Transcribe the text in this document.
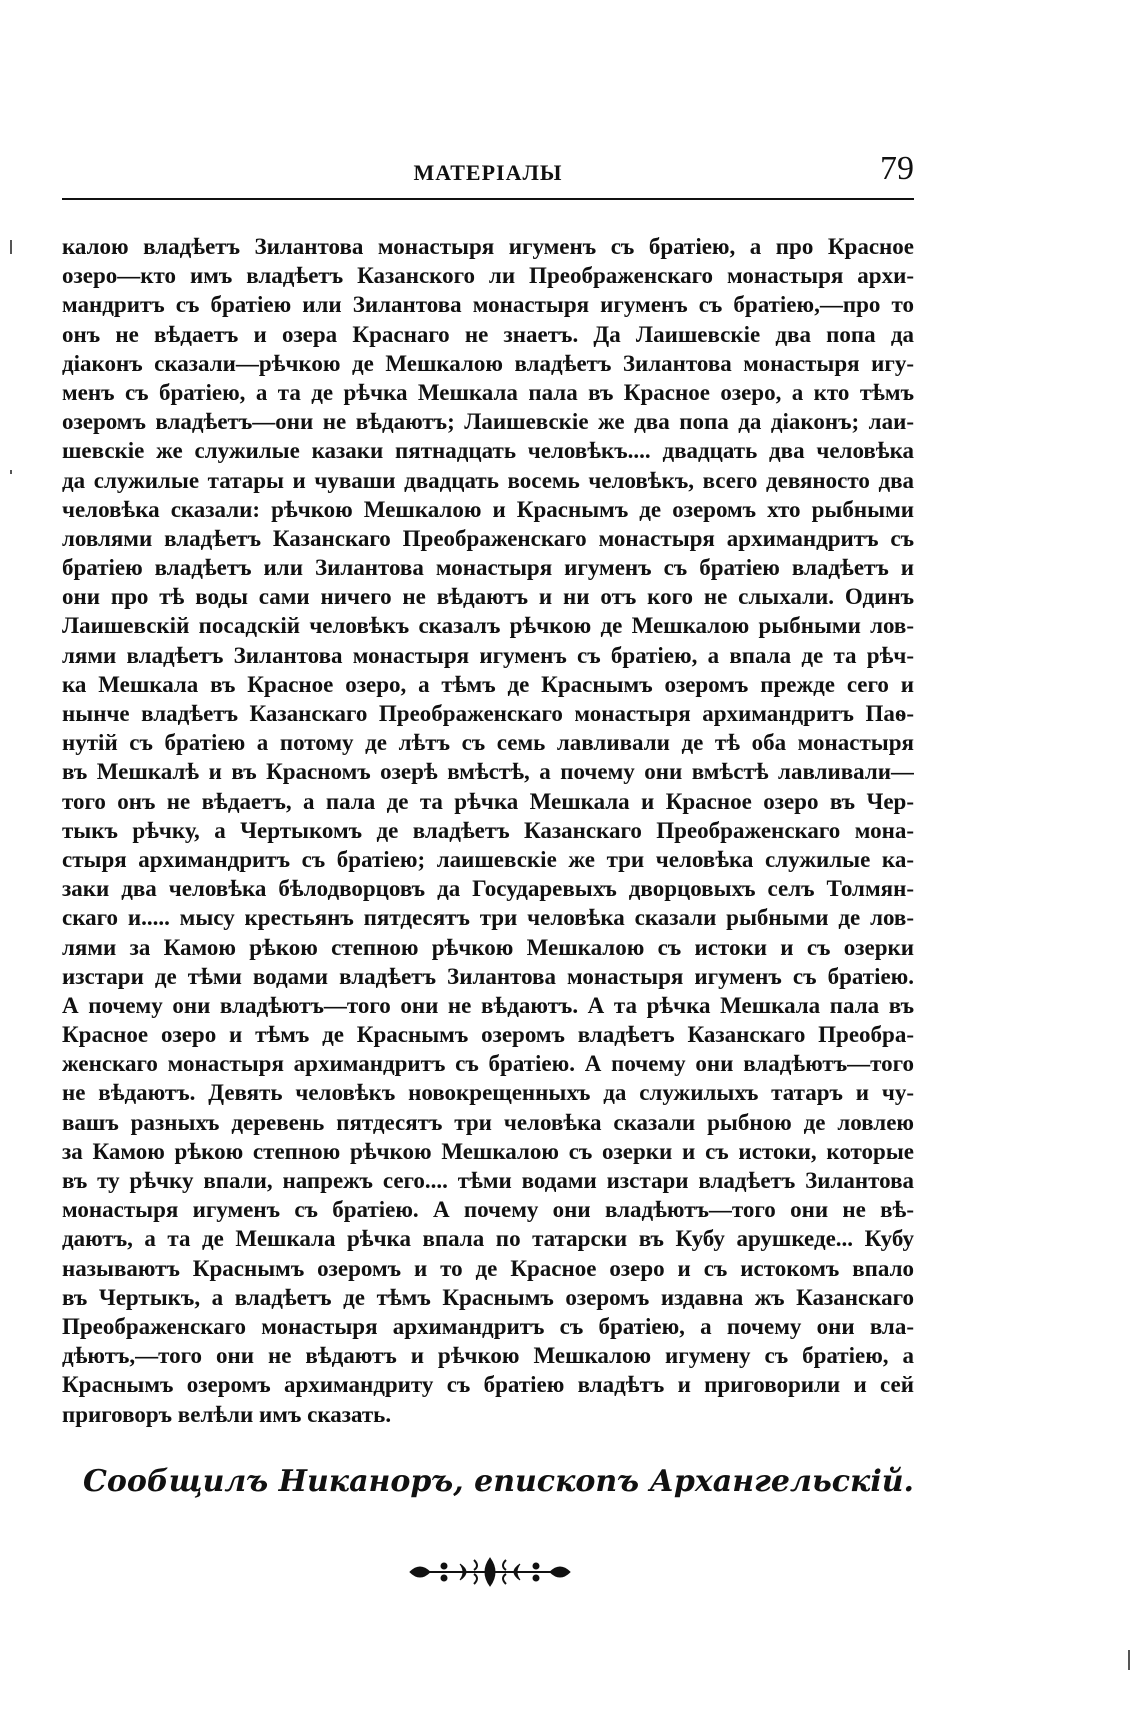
МАТЕРІАЛЫ	79
калою владѣетъ Зилантова монастыря игуменъ съ братіею, а про Красное
озеро—кто имъ владѣетъ Казанского ли Преображенскаго монастыря архи-
мандритъ съ братіею или Зилантова монастыря игуменъ съ братіею,—про то
онъ не вѣдаетъ и озера Краснаго не знаетъ. Да Лаишевскіе два попа да
діаконъ сказали—рѣчкою де Мешкалою владѣетъ Зилантова монастыря игу-
менъ съ братіею, а та де рѣчка Мешкала пала въ Красное озеро, а кто тѣмъ
озеромъ владѣетъ—они не вѣдаютъ; Лаишевскіе же два попа да діаконъ; лаи-
шевскіе же служилые казаки пятнадцать человѣкъ.... двадцать два человѣка
да служилые татары и чуваши двадцать восемь человѣкъ, всего девяносто два
человѣка сказали: рѣчкою Мешкалою и Краснымъ де озеромъ хто рыбными
ловлями владѣетъ Казанскаго Преображенскаго монастыря архимандритъ съ
братіею владѣетъ или Зилантова монастыря игуменъ съ братіею владѣетъ и
они про тѣ воды сами ничего не вѣдаютъ и ни отъ кого не слыхали. Одинъ
Лаишевскій посадскій человѣкъ сказалъ рѣчкою де Мешкалою рыбными лов-
лями владѣетъ Зилантова монастыря игуменъ съ братіею, а впала де та рѣч-
ка Мешкала въ Красное озеро, а тѣмъ де Краснымъ озеромъ прежде сего и
нынче владѣетъ Казанскаго Преображенскаго монастыря архимандритъ Паѳ-
нутій съ братіею а потому де лѣтъ съ семь лавливали де тѣ оба монастыря
въ Мешкалѣ и въ Красномъ озерѣ вмѣстѣ, а почему они вмѣстѣ лавливали—
того онъ не вѣдаетъ, а пала де та рѣчка Мешкала и Красное озеро въ Чер-
тыкъ рѣчку, а Чертыкомъ де владѣетъ Казанскаго Преображенскаго мона-
стыря архимандритъ съ братіею; лаишевскіе же три человѣка служилые ка-
заки два человѣка бѣлодворцовъ да Государевыхъ дворцовыхъ селъ Толмян-
скаго и..... мысу крестьянъ пятдесятъ три человѣка сказали рыбными де лов-
лями за Камою рѣкою степною рѣчкою Мешкалою съ истоки и съ озерки
изстари де тѣми водами владѣетъ Зилантова монастыря игуменъ съ братіею.
А почему они владѣютъ—того они не вѣдаютъ. А та рѣчка Мешкала пала въ
Красное озеро и тѣмъ де Краснымъ озеромъ владѣетъ Казанскаго Преобра-
женскаго монастыря архимандритъ съ братіею. А почему они владѣютъ—того
не вѣдаютъ. Девять человѣкъ новокрещенныхъ да служилыхъ татаръ и чу-
вашъ разныхъ деревень пятдесятъ три человѣка сказали рыбною де ловлею
за Камою рѣкою степною рѣчкою Мешкалою съ озерки и съ истоки, которые
въ ту рѣчку впали, напрежъ сего.... тѣми водами изстари владѣетъ Зилантова
монастыря игуменъ съ братіею. А почему они владѣютъ—того они не вѣ-
даютъ, а та де Мешкала рѣчка впала по татарски въ Кубу арушкеде... Кубу
называютъ Краснымъ озеромъ и то де Красное озеро и съ истокомъ впало
въ Чертыкъ, а владѣетъ де тѣмъ Краснымъ озеромъ издавна жъ Казанскаго
Преображенскаго монастыря архимандритъ съ братіею, а почему они вла-
дѣютъ,—того они не вѣдаютъ и рѣчкою Мешкалою игумену съ братіею, а
Краснымъ озеромъ архимандриту съ братіею владѣтъ и приговорили и сей
приговоръ велѣли имъ сказать.
Сообщилъ Никаноръ, епископъ Архангельскій.
